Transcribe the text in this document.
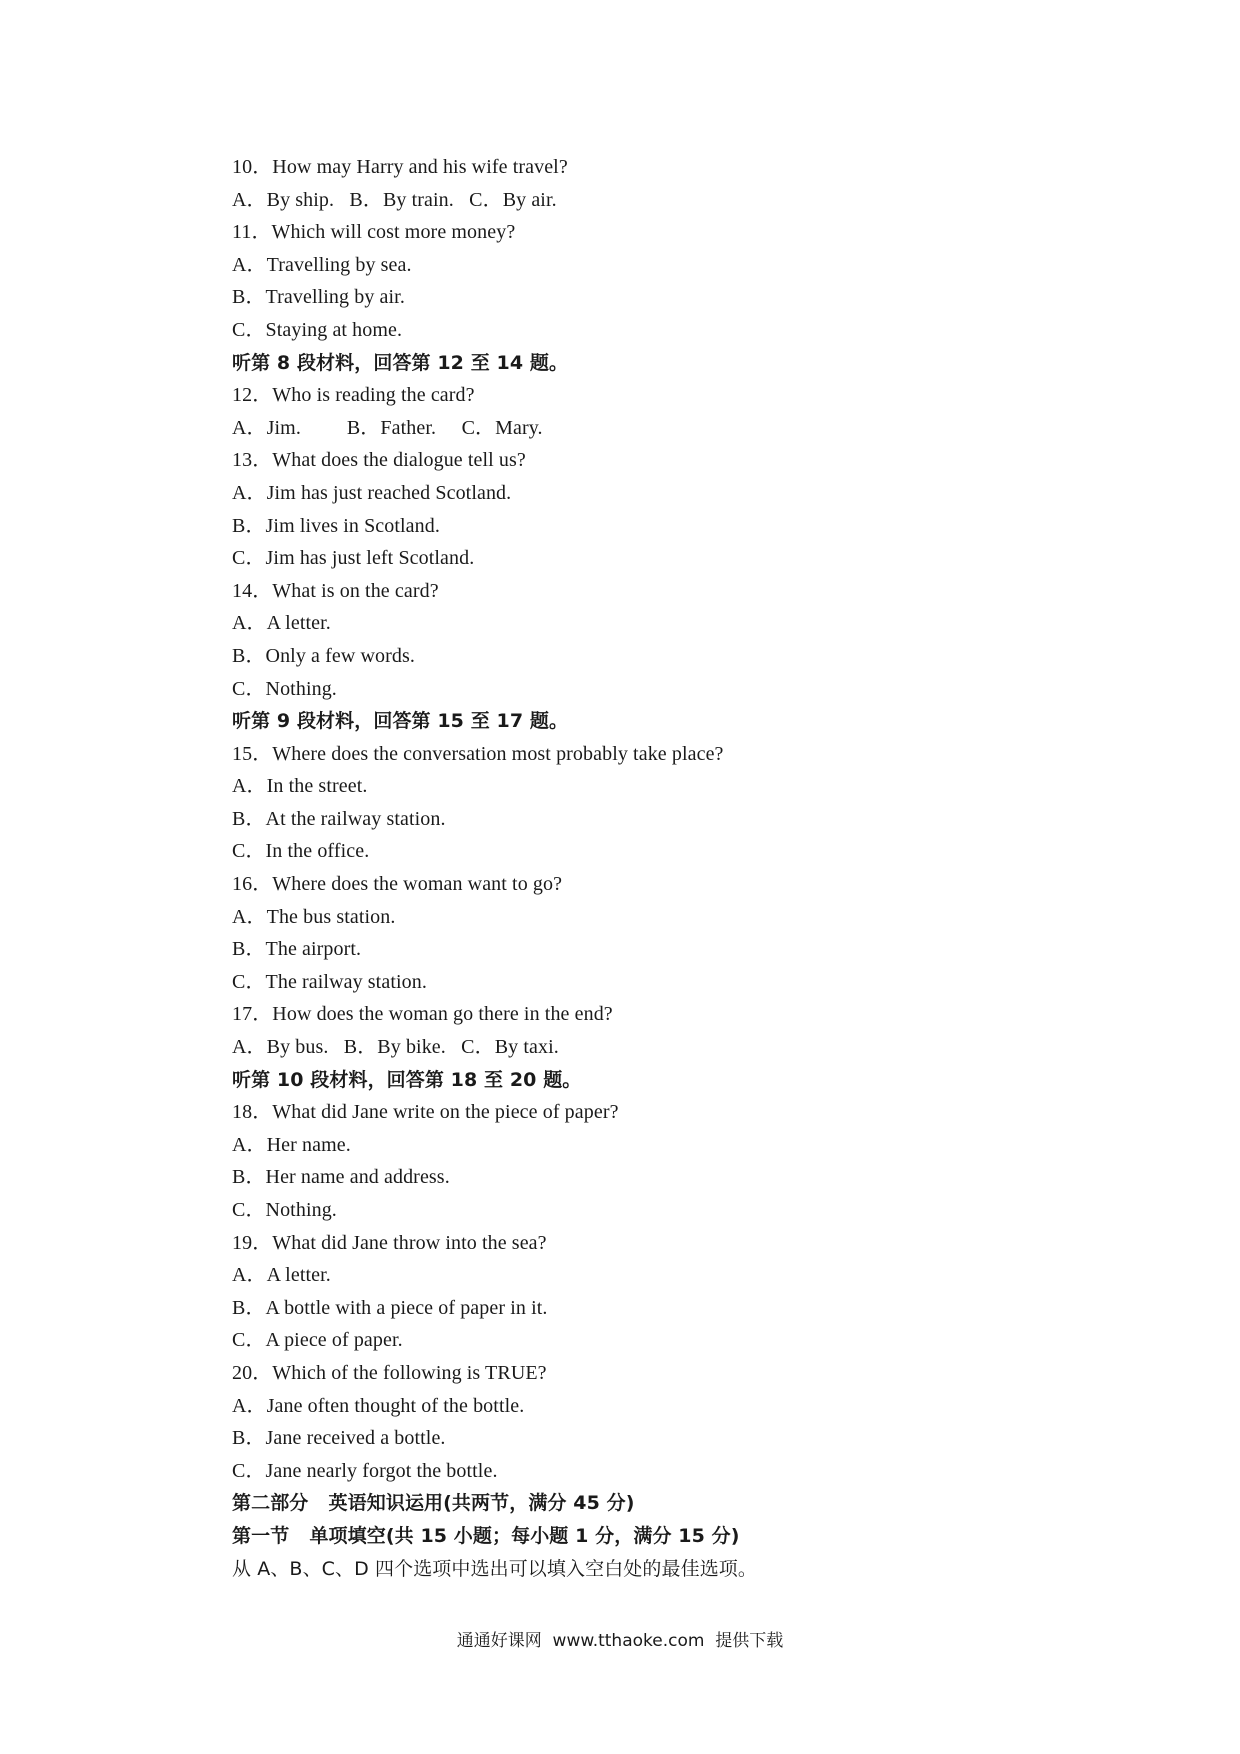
10．How may Harry and his wife travel?
A．By ship.   B．By train.   C．By air.
11．Which will cost more money?
A．Travelling by sea.
B．Travelling by air.
C．Staying at home.
听第 8 段材料，回答第 12 至 14 题。
12．Who is reading the card?
A．Jim.         B．Father.     C．Mary.
13．What does the dialogue tell us?
A．Jim has just reached Scotland.
B．Jim lives in Scotland.
C．Jim has just left Scotland.
14．What is on the card?
A．A letter.
B．Only a few words.
C．Nothing.
听第 9 段材料，回答第 15 至 17 题。
15．Where does the conversation most probably take place?
A．In the street.
B．At the railway station.
C．In the office.
16．Where does the woman want to go?
A．The bus station.
B．The airport.
C．The railway station.
17．How does the woman go there in the end?
A．By bus.   B．By bike.   C．By taxi.
听第 10 段材料，回答第 18 至 20 题。
18．What did Jane write on the piece of paper?
A．Her name.
B．Her name and address.
C．Nothing.
19．What did Jane throw into the sea?
A．A letter.
B．A bottle with a piece of paper in it.
C．A piece of paper.
20．Which of the following is TRUE?
A．Jane often thought of the bottle.
B．Jane received a bottle.
C．Jane nearly forgot the bottle.
第二部分   英语知识运用(共两节，满分 45 分)
第一节   单项填空(共 15 小题；每小题 1 分，满分 15 分)
从 A、B、C、D 四个选项中选出可以填入空白处的最佳选项。
通通好课网  www.tthaoke.com  提供下载
